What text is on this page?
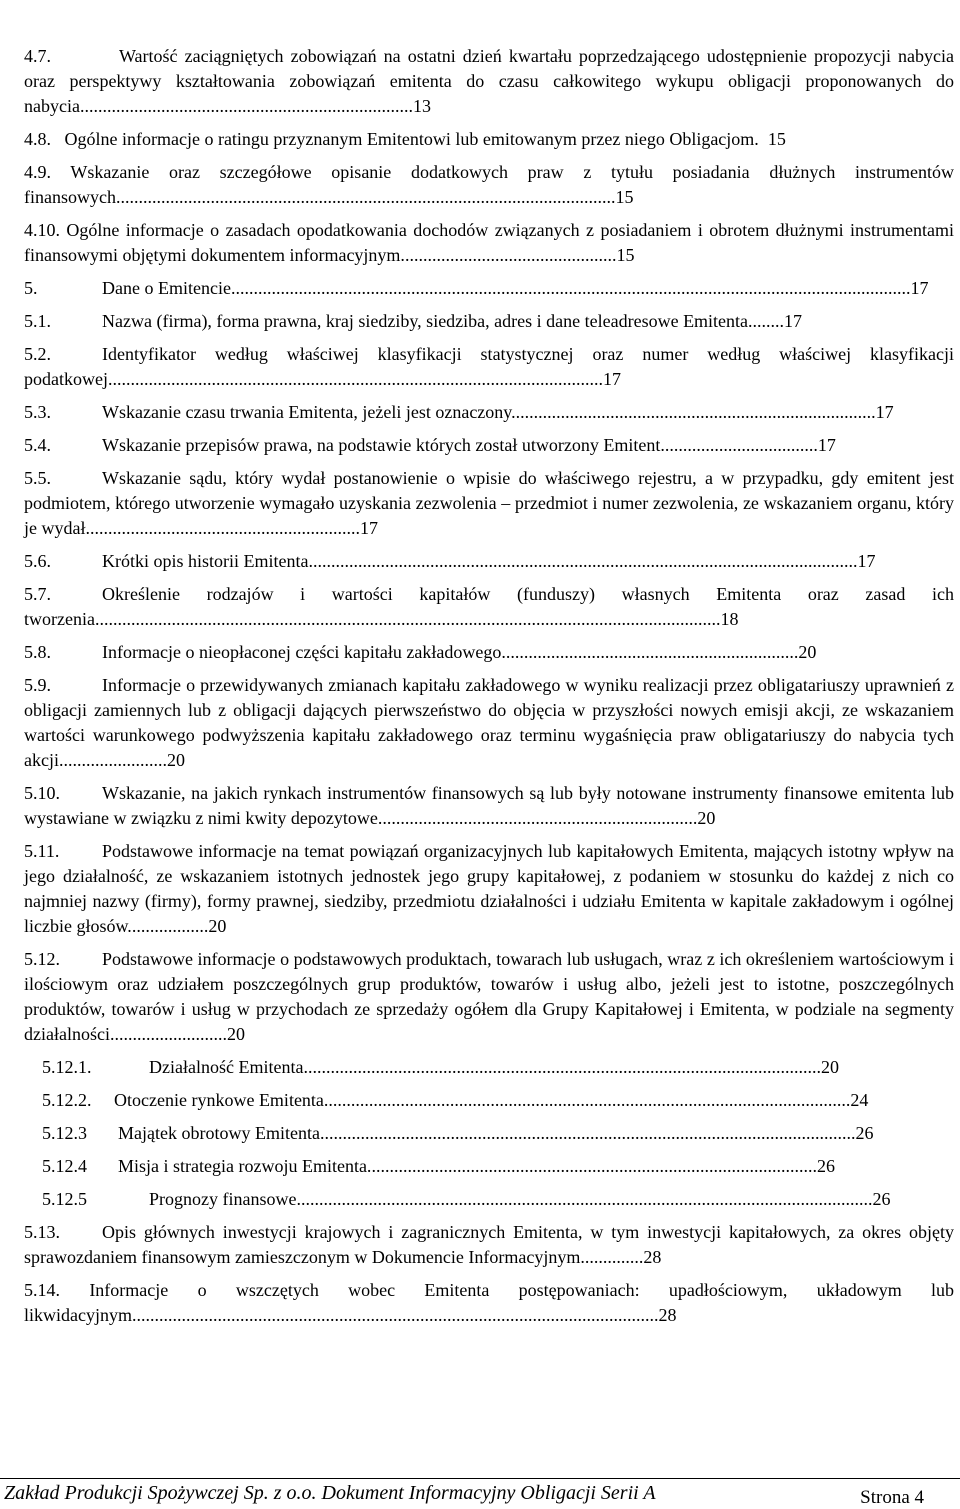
4.7.	Wartość zaciągniętych zobowiązań na ostatni dzień kwartału poprzedzającego udostępnienie propozycji nabycia oraz perspektywy kształtowania zobowiązań emitenta do czasu całkowitego wykupu obligacji proponowanych do nabycia..........................................................................13

4.8. Ogólne informacje o ratingu przyznanym Emitentowi lub emitowanym przez niego Obligacjom. 15

4.9. Wskazanie oraz szczegółowe opisanie dodatkowych praw z tytułu posiadania dłużnych instrumentów finansowych...............................................................................................................15

4.10. Ogólne informacje o zasadach opodatkowania dochodów związanych z posiadaniem i obrotem dłużnymi instrumentami finansowymi objętymi dokumentem informacyjnym................................................15

5.	Dane o Emitencie.......................................................................................................................................................17

5.1.	Nazwa (firma), forma prawna, kraj siedziby, siedziba, adres i dane teleadresowe Emitenta........17

5.2.	Identyfikator według właściwej klasyfikacji statystycznej oraz numer według właściwej klasyfikacji podatkowej..............................................................................................................17

5.3.	Wskazanie czasu trwania Emitenta, jeżeli jest oznaczony.................................................................................17

5.4.	Wskazanie przepisów prawa, na podstawie których został utworzony Emitent...................................17

5.5.	Wskazanie sądu, który wydał postanowienie o wpisie do właściwego rejestru, a w przypadku, gdy emitent jest podmiotem, którego utworzenie wymagało uzyskania zezwolenia – przedmiot i numer zezwolenia, ze wskazaniem organu, który je wydał.............................................................17

5.6.	Krótki opis historii Emitenta..........................................................................................................................17

5.7.	Określenie rodzajów i wartości kapitałów (funduszy) własnych Emitenta oraz zasad ich tworzenia...........................................................................................................................................18

5.8.	Informacje o nieopłaconej części kapitału zakładowego..................................................................20

5.9.	Informacje o przewidywanych zmianach kapitału zakładowego w wyniku realizacji przez obligatariuszy uprawnień z obligacji zamiennych lub z obligacji dających pierwszeństwo do objęcia w przyszłości nowych emisji akcji, ze wskazaniem wartości warunkowego podwyższenia kapitału zakładowego oraz terminu wygaśnięcia praw obligatariuszy do nabycia tych akcji........................20

5.10. Wskazanie, na jakich rynkach instrumentów finansowych są lub były notowane instrumenty finansowe emitenta lub wystawiane w związku z nimi kwity depozytowe.......................................................................20

5.11. Podstawowe informacje na temat powiązań organizacyjnych lub kapitałowych Emitenta, mających istotny wpływ na jego działalność, ze wskazaniem istotnych jednostek jego grupy kapitałowej, z podaniem w stosunku do każdej z nich co najmniej nazwy (firmy), formy prawnej, siedziby, przedmiotu działalności i udziału Emitenta w kapitale zakładowym i ogólnej liczbie głosów..................20

5.12. Podstawowe informacje o podstawowych produktach, towarach lub usługach, wraz z ich określeniem wartościowym i ilościowym oraz udziałem poszczególnych grup produktów, towarów i usług albo, jeżeli jest to istotne, poszczególnych produktów, towarów i usług w przychodach ze sprzedaży ogółem dla Grupy Kapitałowej i Emitenta, w podziale na segmenty działalności..........................20

5.12.1.	Działalność Emitenta...................................................................................................................20

5.12.2. Otoczenie rynkowe Emitenta.....................................................................................................................24

5.12.3 Majątek obrotowy Emitenta.......................................................................................................................26

5.12.4 Misja i strategia rozwoju Emitenta....................................................................................................26

5.12.5	Prognozy finansowe................................................................................................................................26

5.13. Opis głównych inwestycji krajowych i zagranicznych Emitenta, w tym inwestycji kapitałowych, za okres objęty sprawozdaniem finansowym zamieszczonym w Dokumencie Informacyjnym..............28

5.14. Informacje o wszczętych wobec Emitenta postępowaniach: upadłościowym, układowym lub likwidacyjnym.....................................................................................................................28

Zakład Produkcji Spożywczej Sp. z o.o. Dokument Informacyjny Obligacji Serii A	Strona 4
